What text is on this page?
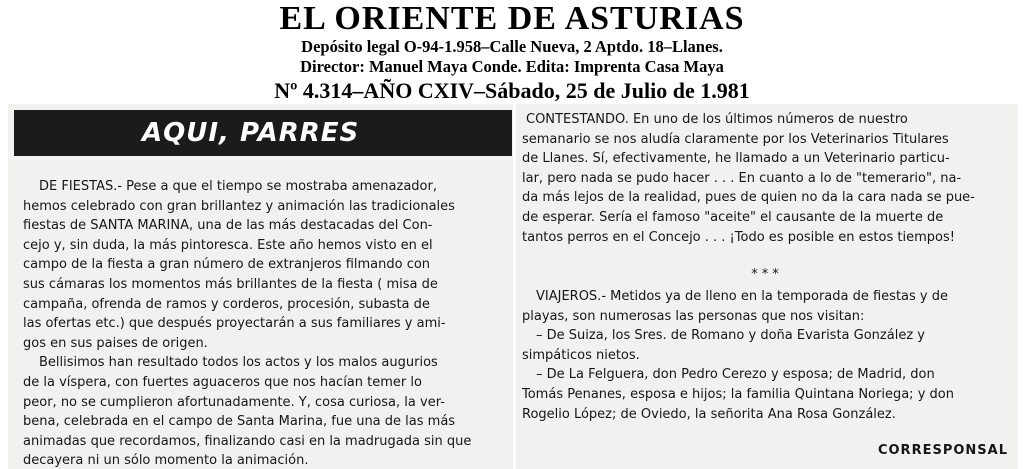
EL ORIENTE DE ASTURIAS
Depósito legal O-94-1.958–Calle Nueva, 2 Aptdo. 18–Llanes.
Director: Manuel Maya Conde. Edita: Imprenta Casa Maya
Nº 4.314–AÑO CXIV–Sábado, 25 de Julio de 1.981
AQUI, PARRES

DE FIESTAS.- Pese a que el tiempo se mostraba amenazador,

hemos celebrado con gran brillantez y animación las tradicionales

fiestas de SANTA MARINA, una de las más destacadas del Con-

cejo y, sin duda, la más pintoresca. Este año hemos visto en el

campo de la fiesta a gran número de extranjeros filmando con

sus cámaras los momentos más brillantes de la fiesta ( misa de

campaña, ofrenda de ramos y corderos, procesión, subasta de

las ofertas etc.) que después proyectarán a sus familiares y ami-

gos en sus paises de origen.

Bellisimos han resultado todos los actos y los malos augurios

de la víspera, con fuertes aguaceros que nos hacían temer lo

peor, no se cumplieron afortunadamente. Y, cosa curiosa, la ver-

bena, celebrada en el campo de Santa Marina, fue una de las más

animadas que recordamos, finalizando casi en la madrugada sin que

decayera ni un sólo momento la animación.

CONTESTANDO. En uno de los últimos números de nuestro

semanario se nos aludía claramente por los Veterinarios Titulares

de Llanes. Sí, efectivamente, he llamado a un Veterinario particu-

lar, pero nada se pudo hacer . . . En cuanto a lo de "temerario", na-

da más lejos de la realidad, pues de quien no da la cara nada se pue-

de esperar. Sería el famoso "aceite" el causante de la muerte de

tantos perros en el Concejo . . . ¡Todo es posible en estos tiempos!

***

VIAJEROS.- Metidos ya de lleno en la temporada de fiestas y de

playas, son numerosas las personas que nos visitan:

– De Suiza, los Sres. de Romano y doña Evarista González y

simpáticos nietos.

– De La Felguera, don Pedro Cerezo y esposa; de Madrid, don

Tomás Penanes, esposa e hijos; la familia Quintana Noriega; y don

Rogelio López; de Oviedo, la señorita Ana Rosa González.

CORRESPONSAL
